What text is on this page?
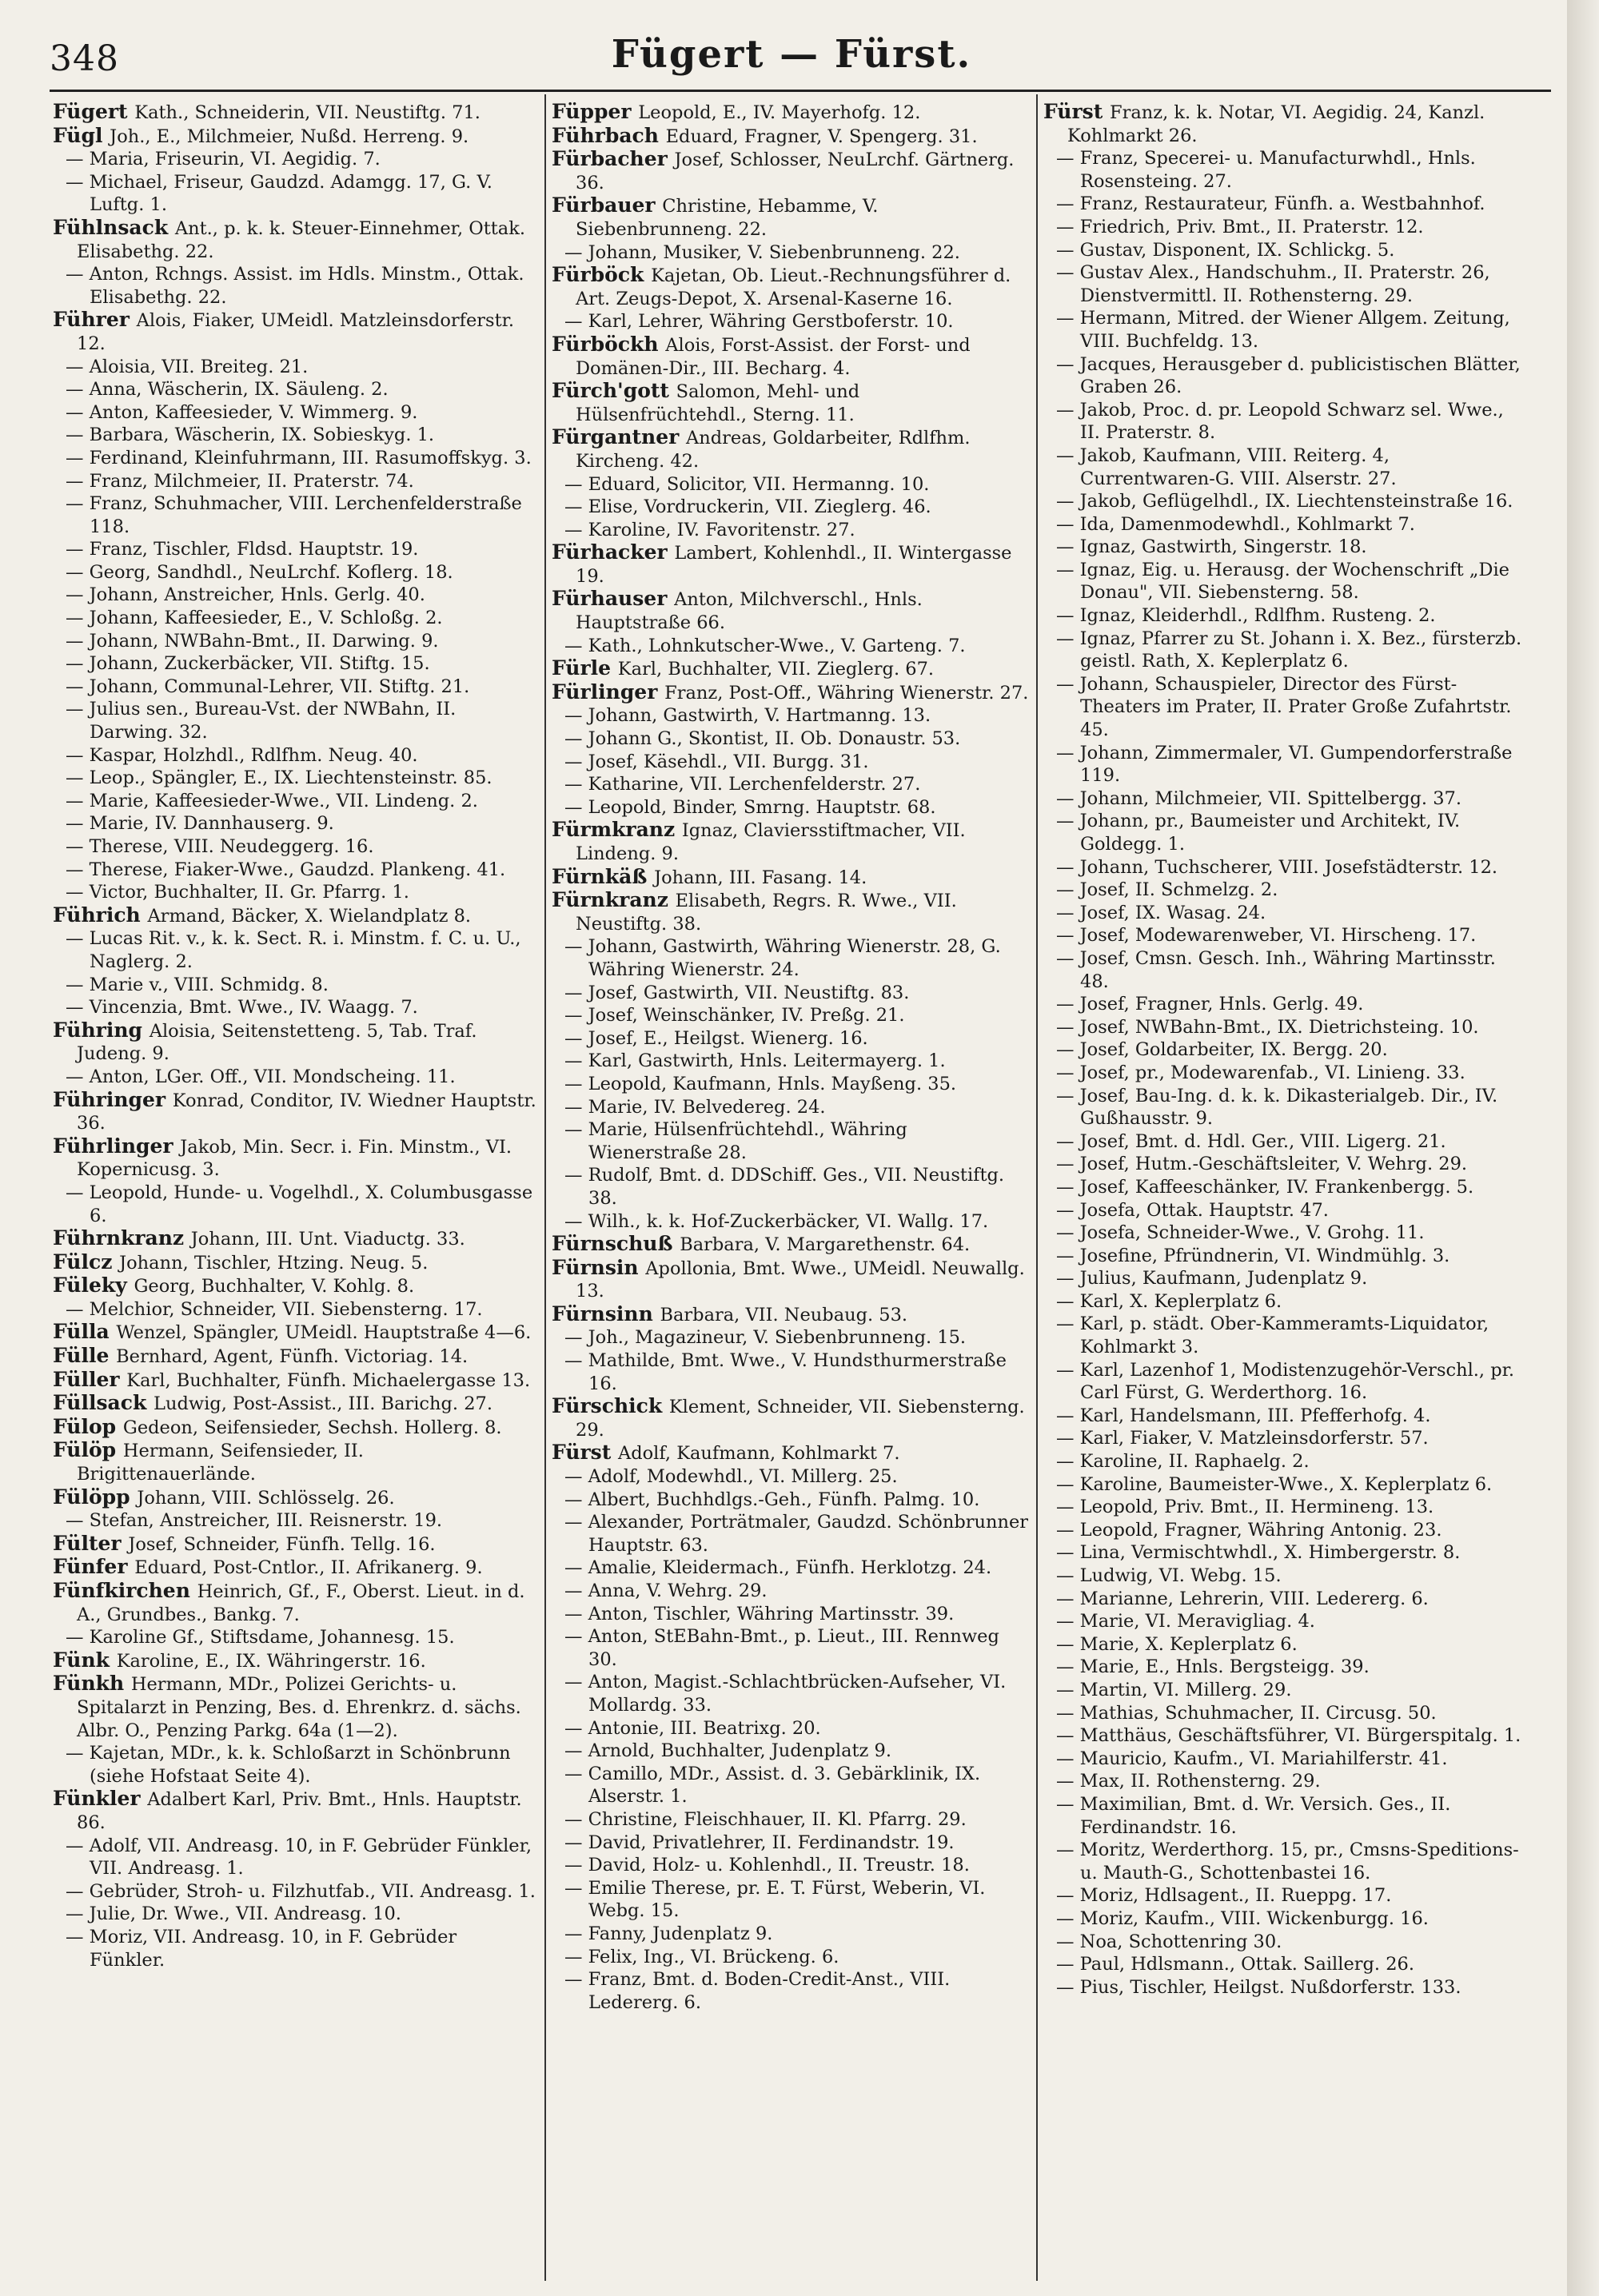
348	Fügert — Fürst.
Fügert Kath., Schneiderin, VII. Neustiftg. 71.
Fügl Joh., E., Milchmeier, Nußd. Herreng. 9.
— Maria, Friseurin, VI. Aegidig. 7.
— Michael, Friseur, Gaudzd. Adamgg. 17, G. V. Luftg. 1.
Fühlnsack Ant., p. k. k. Steuer-Einnehmer, Ottak. Elisabethg. 22.
— Anton, Rchngs. Assist. im Hdls. Minstm., Ottak. Elisabethg. 22.
Führer Alois, Fiaker, UMeidl. Matzleinsdorferstr. 12.
— Aloisia, VII. Breiteg. 21.
— Anna, Wäscherin, IX. Säuleng. 2.
— Anton, Kaffeesieder, V. Wimmerg. 9.
— Barbara, Wäscherin, IX. Sobieskyg. 1.
— Ferdinand, Kleinfuhrmann, III. Rasumoffskyg. 3.
— Franz, Milchmeier, II. Praterstr. 74.
— Franz, Schuhmacher, VIII. Lerchenfelderstraße 118.
— Franz, Tischler, Fldsd. Hauptstr. 19.
— Georg, Sandhdl., NeuLrchf. Koflerg. 18.
— Johann, Anstreicher, Hnls. Gerlg. 40.
— Johann, Kaffeesieder, E., V. Schloßg. 2.
— Johann, NWBahn-Bmt., II. Darwing. 9.
— Johann, Zuckerbäcker, VII. Stiftg. 15.
— Johann, Communal-Lehrer, VII. Stiftg. 21.
— Julius sen., Bureau-Vst. der NWBahn, II. Darwing. 32.
— Kaspar, Holzhdl., Rdlfhm. Neug. 40.
— Leop., Spängler, E., IX. Liechtensteinstr. 85.
— Marie, Kaffeesieder-Wwe., VII. Lindeng. 2.
— Marie, IV. Dannhauserg. 9.
— Therese, VIII. Neudeggerg. 16.
— Therese, Fiaker-Wwe., Gaudzd. Plankeng. 41.
— Victor, Buchhalter, II. Gr. Pfarrg. 1.
Führich Armand, Bäcker, X. Wielandplatz 8.
— Lucas Rit. v., k. k. Sect. R. i. Minstm. f. C. u. U., Naglerg. 2.
— Marie v., VIII. Schmidg. 8.
— Vincenzia, Bmt. Wwe., IV. Waagg. 7.
Führing Aloisia, Seitenstetteng. 5, Tab. Traf. Judeng. 9.
— Anton, LGer. Off., VII. Mondscheing. 11.
Führinger Konrad, Conditor, IV. Wiedner Hauptstr. 36.
Führlinger Jakob, Min. Secr. i. Fin. Minstm., VI. Kopernicusg. 3.
— Leopold, Hunde- u. Vogelhdl., X. Columbusgasse 6.
Führnkranz Johann, III. Unt. Viaductg. 33.
Fülcz Johann, Tischler, Htzing. Neug. 5.
Füleky Georg, Buchhalter, V. Kohlg. 8.
— Melchior, Schneider, VII. Siebensterng. 17.
Fülla Wenzel, Spängler, UMeidl. Hauptstraße 4—6.
Fülle Bernhard, Agent, Fünfh. Victoriag. 14.
Füller Karl, Buchhalter, Fünfh. Michaelergasse 13.
Füllsack Ludwig, Post-Assist., III. Barichg. 27.
Fülop Gedeon, Seifensieder, Sechsh. Hollerg. 8.
Fülöp Hermann, Seifensieder, II. Brigittenauerlände.
Fülöpp Johann, VIII. Schlösselg. 26.
— Stefan, Anstreicher, III. Reisnerstr. 19.
Fülter Josef, Schneider, Fünfh. Tellg. 16.
Fünfer Eduard, Post-Cntlor., II. Afrikanerg. 9.
Fünfkirchen Heinrich, Gf., F., Oberst. Lieut. in d. A., Grundbes., Bankg. 7.
— Karoline Gf., Stiftsdame, Johannesg. 15.
Fünk Karoline, E., IX. Währingerstr. 16.
Fünkh Hermann, MDr., Polizei Gerichts- u. Spitalarzt in Penzing, Bes. d. Ehrenkrz. d. sächs. Albr. O., Penzing Parkg. 64a (1—2).
— Kajetan, MDr., k. k. Schloßarzt in Schönbrunn (siehe Hofstaat Seite 4).
Fünkler Adalbert Karl, Priv. Bmt., Hnls. Hauptstr. 86.
— Adolf, VII. Andreasg. 10, in F. Gebrüder Fünkler, VII. Andreasg. 1.
— Gebrüder, Stroh- u. Filzhutfab., VII. Andreasg. 1.
— Julie, Dr. Wwe., VII. Andreasg. 10.
— Moriz, VII. Andreasg. 10, in F. Gebrüder Fünkler.
Füpper Leopold, E., IV. Mayerhofg. 12.
Führbach Eduard, Fragner, V. Spengerg. 31.
Fürbacher Josef, Schlosser, NeuLrchf. Gärtnerg. 36.
Fürbauer Christine, Hebamme, V. Siebenbrunneng. 22.
— Johann, Musiker, V. Siebenbrunneng. 22.
Fürböck Kajetan, Ob. Lieut.-Rechnungsführer d. Art. Zeugs-Depot, X. Arsenal-Kaserne 16.
— Karl, Lehrer, Währing Gerstboferstr. 10.
Fürböckh Alois, Forst-Assist. der Forst- und Domänen-Dir., III. Becharg. 4.
Fürch'gott Salomon, Mehl- und Hülsenfrüchtehdl., Sterng. 11.
Fürgantner Andreas, Goldarbeiter, Rdlfhm. Kircheng. 42.
— Eduard, Solicitor, VII. Hermanng. 10.
— Elise, Vordruckerin, VII. Zieglerg. 46.
— Karoline, IV. Favoritenstr. 27.
Fürhacker Lambert, Kohlenhdl., II. Wintergasse 19.
Fürhauser Anton, Milchverschl., Hnls. Hauptstraße 66.
— Kath., Lohnkutscher-Wwe., V. Garteng. 7.
Fürle Karl, Buchhalter, VII. Zieglerg. 67.
Fürlinger Franz, Post-Off., Währing Wienerstr. 27.
— Johann, Gastwirth, V. Hartmanng. 13.
— Johann G., Skontist, II. Ob. Donaustr. 53.
— Josef, Käsehdl., VII. Burgg. 31.
— Katharine, VII. Lerchenfelderstr. 27.
— Leopold, Binder, Smrng. Hauptstr. 68.
Fürmkranz Ignaz, Claviersstiftmacher, VII. Lindeng. 9.
Fürnkäß Johann, III. Fasang. 14.
Fürnkranz Elisabeth, Regrs. R. Wwe., VII. Neustiftg. 38.
— Johann, Gastwirth, Währing Wienerstr. 28, G. Währing Wienerstr. 24.
— Josef, Gastwirth, VII. Neustiftg. 83.
— Josef, Weinschänker, IV. Preßg. 21.
— Josef, E., Heilgst. Wienerg. 16.
— Karl, Gastwirth, Hnls. Leitermayerg. 1.
— Leopold, Kaufmann, Hnls. Mayßeng. 35.
— Marie, IV. Belvedereg. 24.
— Marie, Hülsenfrüchtehdl., Währing Wienerstraße 28.
— Rudolf, Bmt. d. DDSchiff. Ges., VII. Neustiftg. 38.
— Wilh., k. k. Hof-Zuckerbäcker, VI. Wallg. 17.
Fürnschuß Barbara, V. Margarethenstr. 64.
Fürnsin Apollonia, Bmt. Wwe., UMeidl. Neuwallg. 13.
Fürnsinn Barbara, VII. Neubaug. 53.
— Joh., Magazineur, V. Siebenbrunneng. 15.
— Mathilde, Bmt. Wwe., V. Hundsthurmerstraße 16.
Fürschick Klement, Schneider, VII. Siebensterng. 29.
Fürst Adolf, Kaufmann, Kohlmarkt 7.
— Adolf, Modewhdl., VI. Millerg. 25.
— Albert, Buchhdlgs.-Geh., Fünfh. Palmg. 10.
— Alexander, Porträtmaler, Gaudzd. Schönbrunner Hauptstr. 63.
— Amalie, Kleidermach., Fünfh. Herklotzg. 24.
— Anna, V. Wehrg. 29.
— Anton, Tischler, Währing Martinsstr. 39.
— Anton, StEBahn-Bmt., p. Lieut., III. Rennweg 30.
— Anton, Magist.-Schlachtbrücken-Aufseher, VI. Mollardg. 33.
— Antonie, III. Beatrixg. 20.
— Arnold, Buchhalter, Judenplatz 9.
— Camillo, MDr., Assist. d. 3. Gebärklinik, IX. Alserstr. 1.
— Christine, Fleischhauer, II. Kl. Pfarrg. 29.
— David, Privatlehrer, II. Ferdinandstr. 19.
— David, Holz- u. Kohlenhdl., II. Treustr. 18.
— Emilie Therese, pr. E. T. Fürst, Weberin, VI. Webg. 15.
— Fanny, Judenplatz 9.
— Felix, Ing., VI. Brückeng. 6.
— Franz, Bmt. d. Boden-Credit-Anst., VIII. Ledererg. 6.
Fürst Franz, k. k. Notar, VI. Aegidig. 24, Kanzl. Kohlmarkt 26.
— Franz, Specerei- u. Manufacturwhdl., Hnls. Rosensteing. 27.
— Franz, Restaurateur, Fünfh. a. Westbahnhof.
— Friedrich, Priv. Bmt., II. Praterstr. 12.
— Gustav, Disponent, IX. Schlickg. 5.
— Gustav Alex., Handschuhm., II. Praterstr. 26, Dienstvermittl. II. Rothensterng. 29.
— Hermann, Mitred. der Wiener Allgem. Zeitung, VIII. Buchfeldg. 13.
— Jacques, Herausgeber d. publicistischen Blätter, Graben 26.
— Jakob, Proc. d. pr. Leopold Schwarz sel. Wwe., II. Praterstr. 8.
— Jakob, Kaufmann, VIII. Reiterg. 4, Currentwaren-G. VIII. Alserstr. 27.
— Jakob, Geflügelhdl., IX. Liechtensteinstraße 16.
— Ida, Damenmodewhdl., Kohlmarkt 7.
— Ignaz, Gastwirth, Singerstr. 18.
— Ignaz, Eig. u. Herausg. der Wochenschrift „Die Donau", VII. Siebensterng. 58.
— Ignaz, Kleiderhdl., Rdlfhm. Rusteng. 2.
— Ignaz, Pfarrer zu St. Johann i. X. Bez., fürsterzb. geistl. Rath, X. Keplerplatz 6.
— Johann, Schauspieler, Director des Fürst-Theaters im Prater, II. Prater Große Zufahrtstr. 45.
— Johann, Zimmermaler, VI. Gumpendorferstraße 119.
— Johann, Milchmeier, VII. Spittelbergg. 37.
— Johann, pr., Baumeister und Architekt, IV. Goldegg. 1.
— Johann, Tuchscherer, VIII. Josefstädterstr. 12.
— Josef, II. Schmelzg. 2.
— Josef, IX. Wasag. 24.
— Josef, Modewarenweber, VI. Hirscheng. 17.
— Josef, Cmsn. Gesch. Inh., Währing Martinsstr. 48.
— Josef, Fragner, Hnls. Gerlg. 49.
— Josef, NWBahn-Bmt., IX. Dietrichsteing. 10.
— Josef, Goldarbeiter, IX. Bergg. 20.
— Josef, pr., Modewarenfab., VI. Linieng. 33.
— Josef, Bau-Ing. d. k. k. Dikasterialgeb. Dir., IV. Gußhausstr. 9.
— Josef, Bmt. d. Hdl. Ger., VIII. Ligerg. 21.
— Josef, Hutm.-Geschäftsleiter, V. Wehrg. 29.
— Josef, Kaffeeschänker, IV. Frankenbergg. 5.
— Josefa, Ottak. Hauptstr. 47.
— Josefa, Schneider-Wwe., V. Grohg. 11.
— Josefine, Pfründnerin, VI. Windmühlg. 3.
— Julius, Kaufmann, Judenplatz 9.
— Karl, X. Keplerplatz 6.
— Karl, p. städt. Ober-Kammeramts-Liquidator, Kohlmarkt 3.
— Karl, Lazenhof 1, Modistenzugehör-Verschl., pr. Carl Fürst, G. Werderthorg. 16.
— Karl, Handelsmann, III. Pfefferhofg. 4.
— Karl, Fiaker, V. Matzleinsdorferstr. 57.
— Karoline, II. Raphaelg. 2.
— Karoline, Baumeister-Wwe., X. Keplerplatz 6.
— Leopold, Priv. Bmt., II. Hermineng. 13.
— Leopold, Fragner, Währing Antonig. 23.
— Lina, Vermischtwhdl., X. Himbergerstr. 8.
— Ludwig, VI. Webg. 15.
— Marianne, Lehrerin, VIII. Ledererg. 6.
— Marie, VI. Meravigliag. 4.
— Marie, X. Keplerplatz 6.
— Marie, E., Hnls. Bergsteigg. 39.
— Martin, VI. Millerg. 29.
— Mathias, Schuhmacher, II. Circusg. 50.
— Matthäus, Geschäftsführer, VI. Bürgerspitalg. 1.
— Mauricio, Kaufm., VI. Mariahilferstr. 41.
— Max, II. Rothensterng. 29.
— Maximilian, Bmt. d. Wr. Versich. Ges., II. Ferdinandstr. 16.
— Moritz, Werderthorg. 15, pr., Cmsns-Speditions- u. Mauth-G., Schottenbastei 16.
— Moriz, Hdlsagent., II. Rueppg. 17.
— Moriz, Kaufm., VIII. Wickenburgg. 16.
— Noa, Schottenring 30.
— Paul, Hdlsmann., Ottak. Saillerg. 26.
— Pius, Tischler, Heilgst. Nußdorferstr. 133.
